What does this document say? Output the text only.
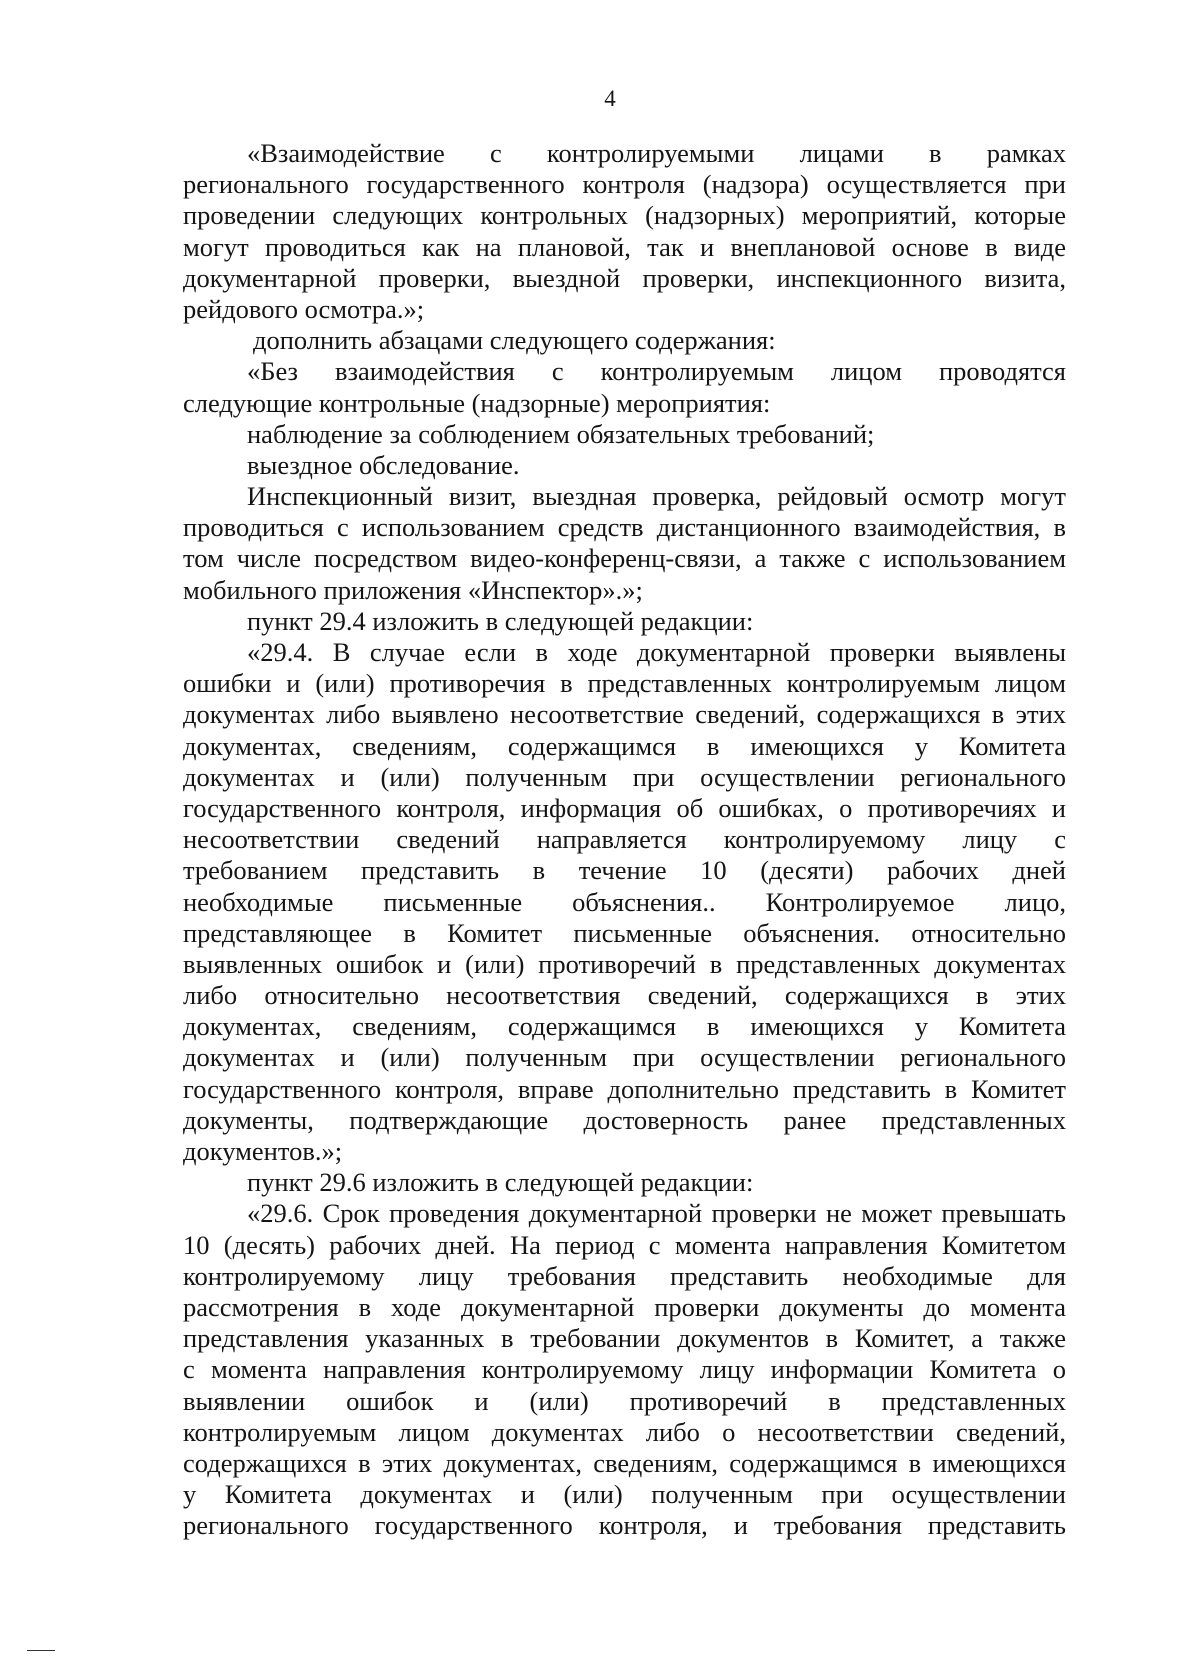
4
«Взаимодействие с контролируемыми лицами в рамках
регионального государственного контроля (надзора) осуществляется при
проведении следующих контрольных (надзорных) мероприятий, которые
могут проводиться как на плановой, так и внеплановой основе в виде
документарной проверки, выездной проверки, инспекционного визита,
рейдового осмотра.»;
дополнить абзацами следующего содержания:
«Без взаимодействия с контролируемым лицом проводятся
следующие контрольные (надзорные) мероприятия:
наблюдение за соблюдением обязательных требований;
выездное обследование.
Инспекционный визит, выездная проверка, рейдовый осмотр могут
проводиться с использованием средств дистанционного взаимодействия, в
том числе посредством видео-конференц-связи, а также с использованием
мобильного приложения «Инспектор».»;
пункт 29.4 изложить в следующей редакции:
«29.4. В случае если в ходе документарной проверки выявлены
ошибки и (или) противоречия в представленных контролируемым лицом
документах либо выявлено несоответствие сведений, содержащихся в этих
документах, сведениям, содержащимся в имеющихся у Комитета
документах и (или) полученным при осуществлении регионального
государственного контроля, информация об ошибках, о противоречиях и
несоответствии сведений направляется контролируемому лицу с
требованием представить в течение 10 (десяти) рабочих дней
необходимые письменные объяснения.. Контролируемое лицо,
представляющее в Комитет письменные объяснения. относительно
выявленных ошибок и (или) противоречий в представленных документах
либо относительно несоответствия сведений, содержащихся в этих
документах, сведениям, содержащимся в имеющихся у Комитета
документах и (или) полученным при осуществлении регионального
государственного контроля, вправе дополнительно представить в Комитет
документы, подтверждающие достоверность ранее представленных
документов.»;
пункт 29.6 изложить в следующей редакции:
«29.6. Срок проведения документарной проверки не может превышать
10 (десять) рабочих дней. На период с момента направления Комитетом
контролируемому лицу требования представить необходимые для
рассмотрения в ходе документарной проверки документы до момента
представления указанных в требовании документов в Комитет, а также
с момента направления контролируемому лицу информации Комитета о
выявлении ошибок и (или) противоречий в представленных
контролируемым лицом документах либо о несоответствии сведений,
содержащихся в этих документах, сведениям, содержащимся в имеющихся
у Комитета документах и (или) полученным при осуществлении
регионального государственного контроля, и требования представить
